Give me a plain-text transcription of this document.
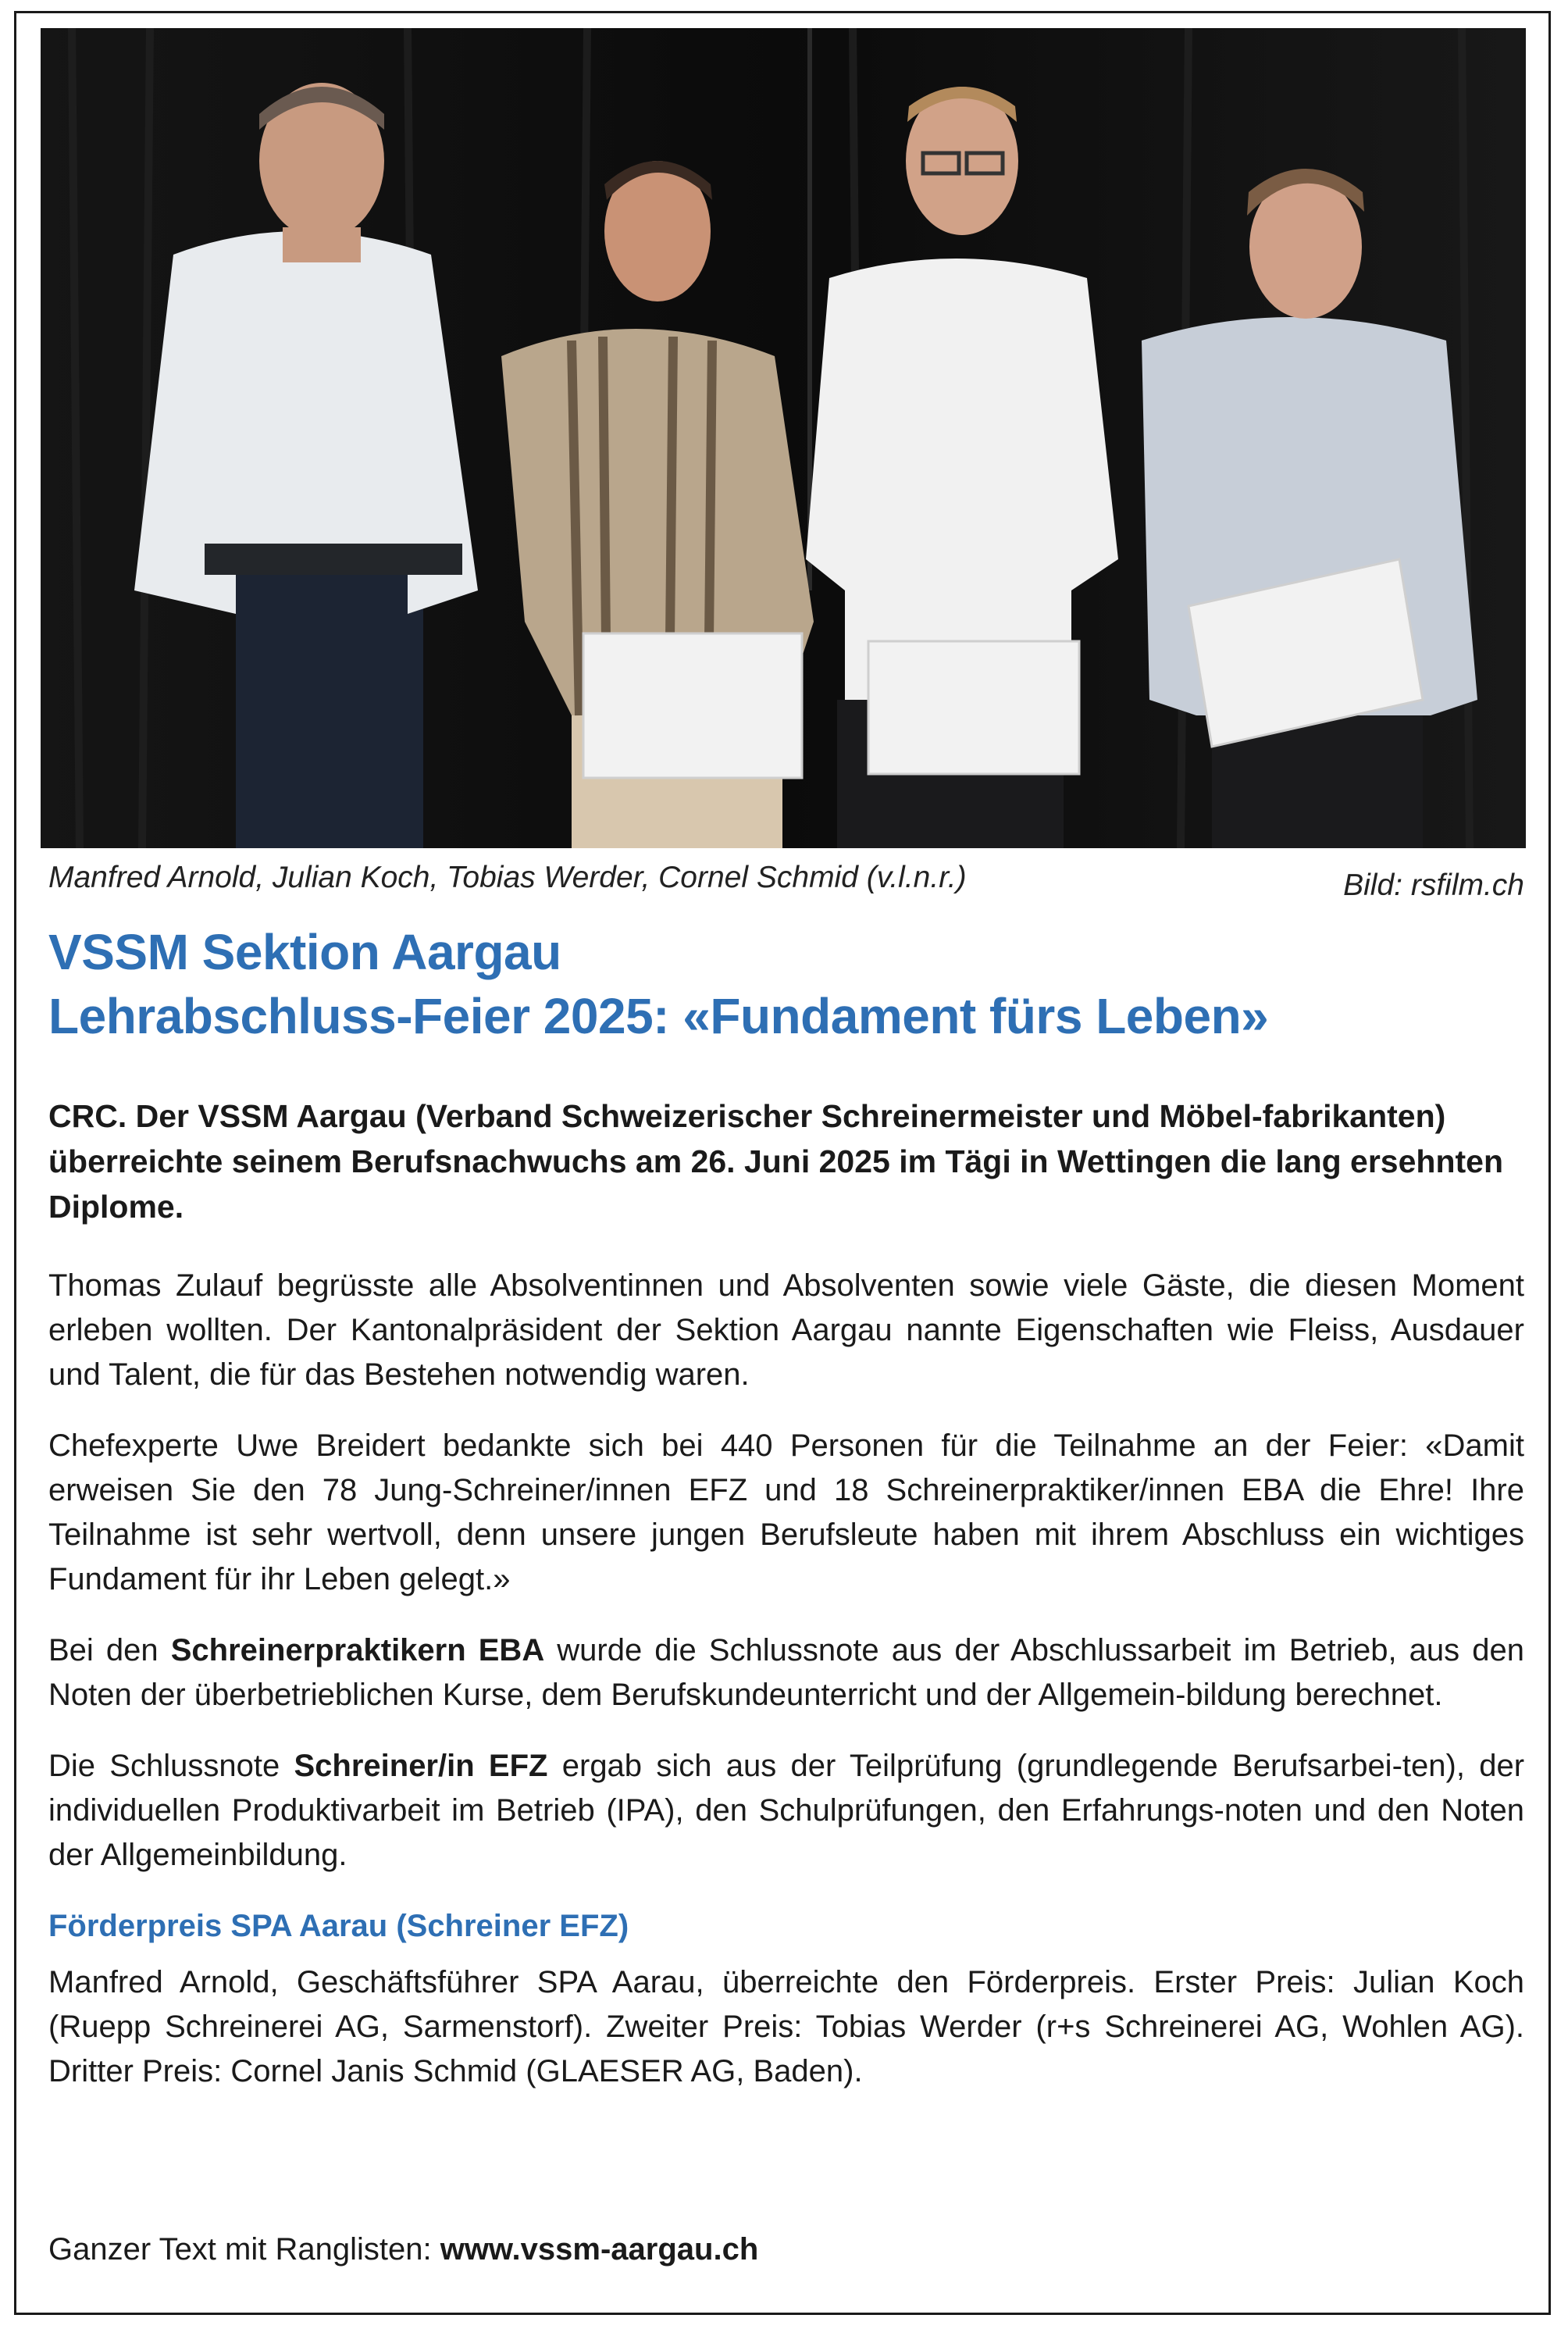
Manfred Arnold, Julian Koch, Tobias Werder, Cornel Schmid (v.l.n.r.)	Bild: rsfilm.ch
VSSM Sektion Aargau
Lehrabschluss-Feier 2025: «Fundament fürs Leben»
CRC. Der VSSM Aargau (Verband Schweizerischer Schreinermeister und Möbel-fabrikanten) überreichte seinem Berufsnachwuchs am 26. Juni 2025 im Tägi in Wettingen die lang ersehnten Diplome.

Thomas Zulauf begrüsste alle Absolventinnen und Absolventen sowie viele Gäste, die diesen Moment erleben wollten. Der Kantonalpräsident der Sektion Aargau nannte Eigenschaften wie Fleiss, Ausdauer und Talent, die für das Bestehen notwendig waren.

Chefexperte Uwe Breidert bedankte sich bei 440 Personen für die Teilnahme an der Feier: «Damit erweisen Sie den 78 Jung-Schreiner/innen EFZ und 18 Schreinerpraktiker/innen EBA die Ehre! Ihre Teilnahme ist sehr wertvoll, denn unsere jungen Berufsleute haben mit ihrem Abschluss ein wichtiges Fundament für ihr Leben gelegt.»

Bei den Schreinerpraktikern EBA wurde die Schlussnote aus der Abschlussarbeit im Betrieb, aus den Noten der überbetrieblichen Kurse, dem Berufskundeunterricht und der Allgemein-bildung berechnet.

Die Schlussnote Schreiner/in EFZ ergab sich aus der Teilprüfung (grundlegende Berufsarbei-ten), der individuellen Produktivarbeit im Betrieb (IPA), den Schulprüfungen, den Erfahrungs-noten und den Noten der Allgemeinbildung.

Förderpreis SPA Aarau (Schreiner EFZ)

Manfred Arnold, Geschäftsführer SPA Aarau, überreichte den Förderpreis. Erster Preis: Julian Koch (Ruepp Schreinerei AG, Sarmenstorf). Zweiter Preis: Tobias Werder (r+s Schreinerei AG, Wohlen AG). Dritter Preis: Cornel Janis Schmid (GLAESER AG, Baden).

Ganzer Text mit Ranglisten: www.vssm-aargau.ch
